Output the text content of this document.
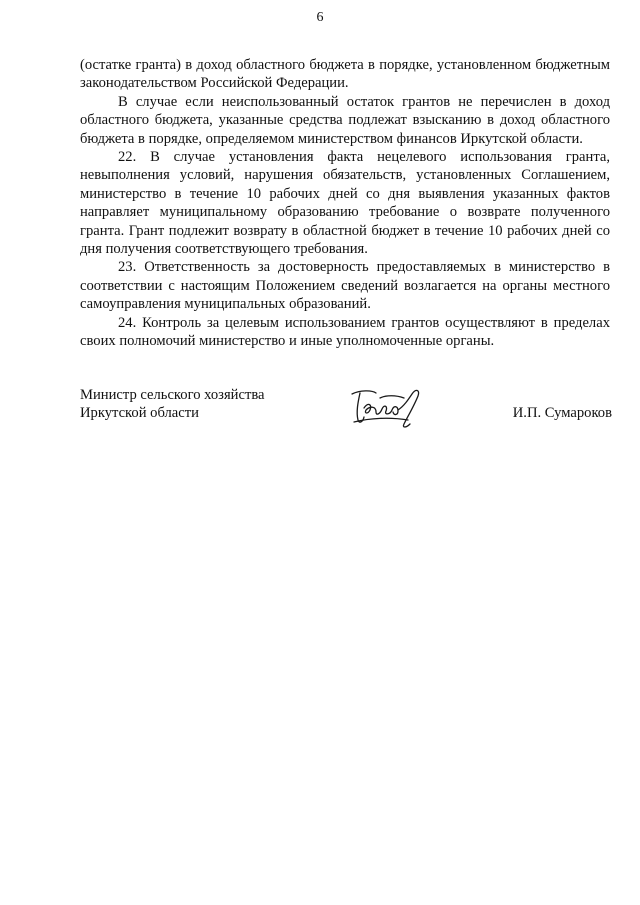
6

(остатке гранта) в доход областного бюджета в порядке, установленном бюджетным законодательством Российской Федерации.

В случае если неиспользованный остаток грантов не перечислен в доход областного бюджета, указанные средства подлежат взысканию в доход областного бюджета в порядке, определяемом министерством финансов Иркутской области.

22. В случае установления факта нецелевого использования гранта, невыполнения условий, нарушения обязательств, установленных Соглашением, министерство в течение 10 рабочих дней со дня выявления указанных фактов направляет муниципальному образованию требование о возврате полученного гранта. Грант подлежит возврату в областной бюджет в течение 10 рабочих дней со дня получения соответствующего требования.

23. Ответственность за достоверность предоставляемых в министерство в соответствии с настоящим Положением сведений возлагается на органы местного самоуправления муниципальных образований.

24. Контроль за целевым использованием грантов осуществляют в пределах своих полномочий министерство и иные уполномоченные органы.

Министр сельского хозяйства
Иркутской области	И.П. Сумароков
